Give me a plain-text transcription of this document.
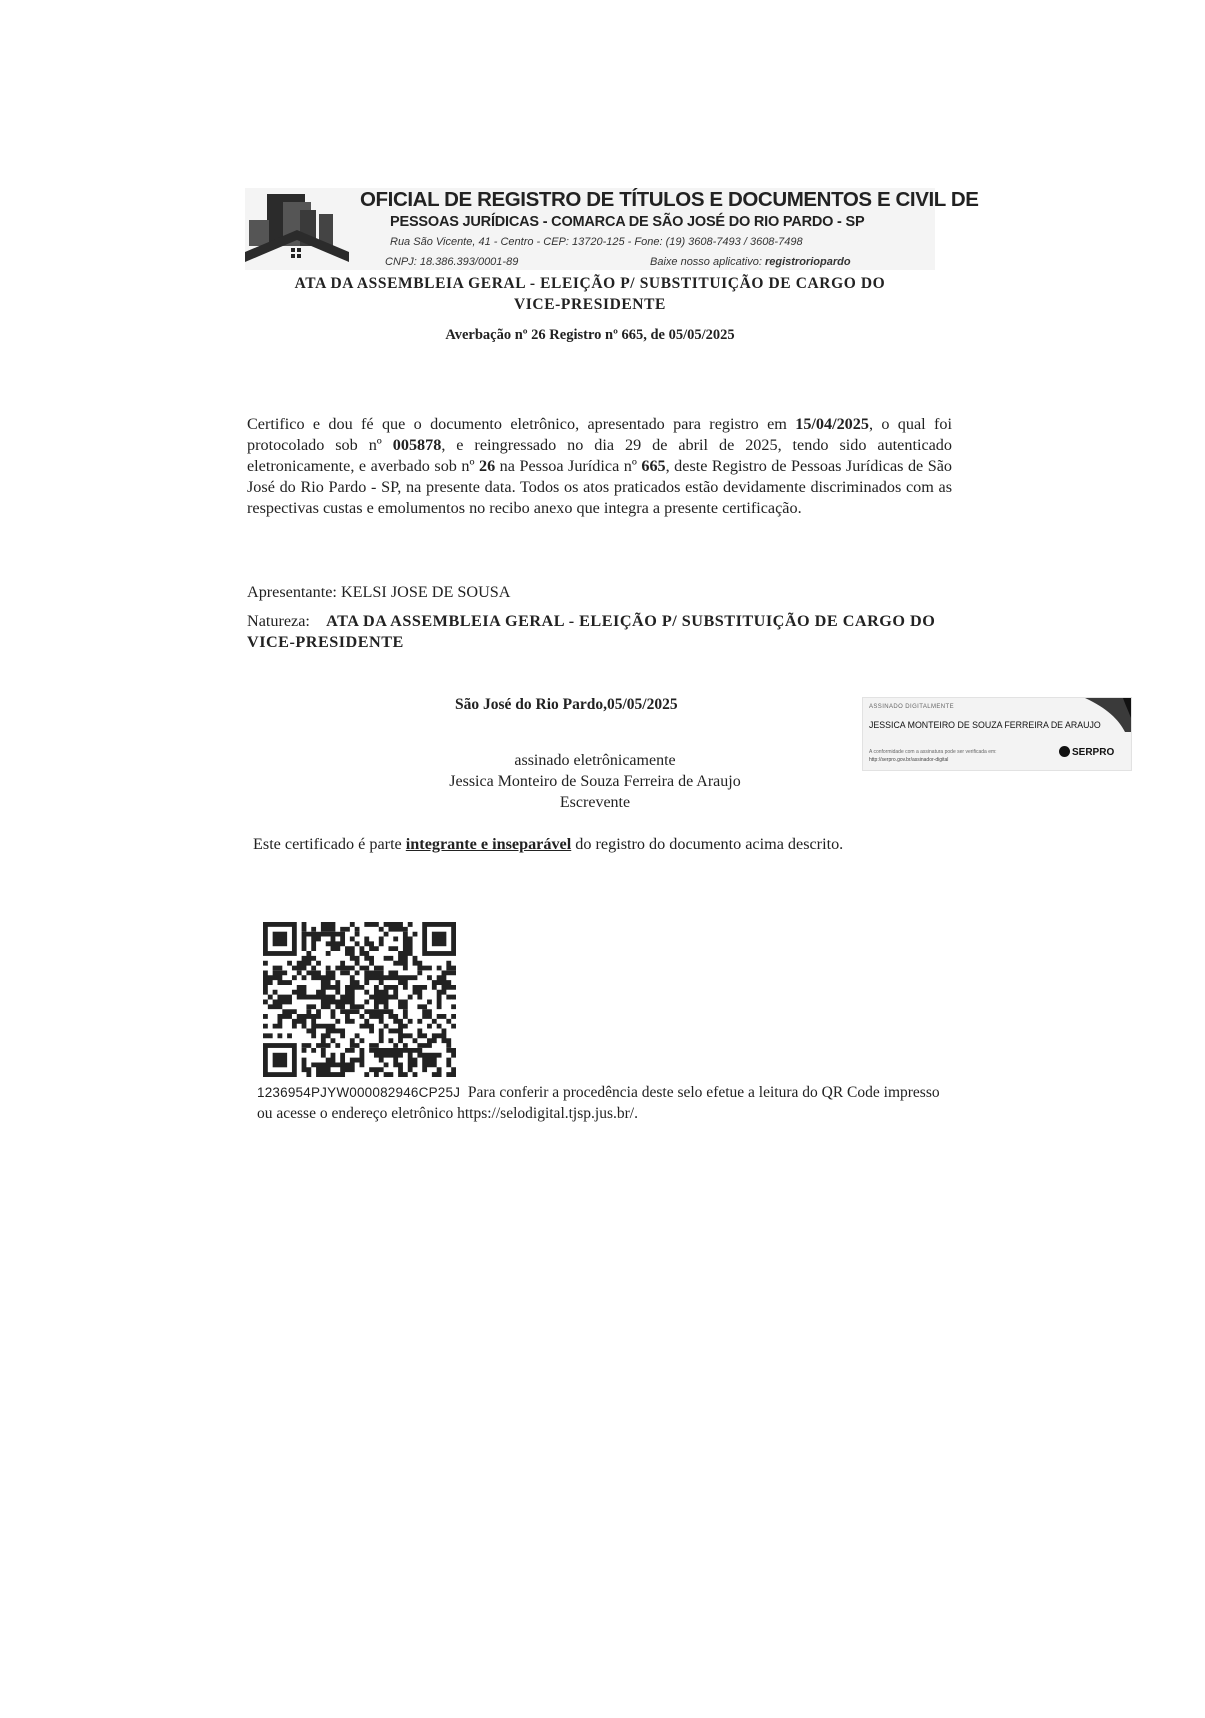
OFICIAL DE REGISTRO DE TÍTULOS E DOCUMENTOS E CIVIL DE
PESSOAS JURÍDICAS - COMARCA DE SÃO JOSÉ DO RIO PARDO - SP
Rua São Vicente, 41 - Centro - CEP: 13720-125 - Fone: (19) 3608-7493 / 3608-7498
CNPJ: 18.386.393/0001-89	Baixe nosso aplicativo: registroriopardo
ATA DA ASSEMBLEIA GERAL - ELEIÇÃO P/ SUBSTITUIÇÃO DE CARGO DO
VICE-PRESIDENTE
Averbação nº 26 Registro nº 665, de 05/05/2025
Certifico e dou fé que o documento eletrônico, apresentado para registro em 15/04/2025, o qual foi protocolado sob nº 005878, e reingressado no dia 29 de abril de 2025, tendo sido autenticado eletronicamente, e averbado sob nº 26 na Pessoa Jurídica nº 665, deste Registro de Pessoas Jurídicas de São José do Rio Pardo - SP, na presente data. Todos os atos praticados estão devidamente discriminados com as respectivas custas e emolumentos no recibo anexo que integra a presente certificação.
Apresentante: KELSI JOSE DE SOUSA
Natureza: ATA DA ASSEMBLEIA GERAL - ELEIÇÃO P/ SUBSTITUIÇÃO DE CARGO DO VICE-PRESIDENTE
São José do Rio Pardo,05/05/2025	ASSINADO DIGITALMENTE
JESSICA MONTEIRO DE SOUZA FERREIRA DE ARAUJO
A conformidade com a assinatura pode ser verificada em:
http://serpro.gov.br/assinador-digital
SERPRO
assinado eletrônicamente
Jessica Monteiro de Souza Ferreira de Araujo
Escrevente
Este certificado é parte integrante e inseparável do registro do documento acima descrito.
1236954PJYW000082946CP25J Para conferir a procedência deste selo efetue a leitura do QR Code impresso ou acesse o endereço eletrônico https://selodigital.tjsp.jus.br/.
